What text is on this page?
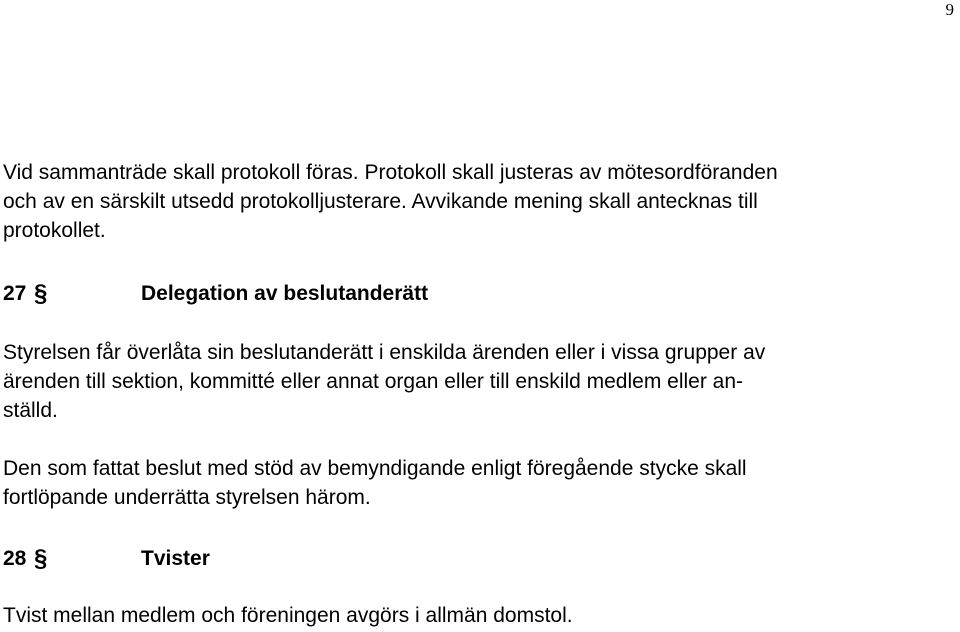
9
Vid sammanträde skall protokoll föras. Protokoll skall justeras av mötesordföranden
och av en särskilt utsedd protokolljusterare. Avvikande mening skall antecknas till
protokollet.
27 §	Delegation av beslutanderätt
Styrelsen får överlåta sin beslutanderätt i enskilda ärenden eller i vissa grupper av
ärenden till sektion, kommitté eller annat organ eller till enskild medlem eller an-
ställd.
Den som fattat beslut med stöd av bemyndigande enligt föregående stycke skall
fortlöpande underrätta styrelsen härom.
28 §	Tvister
Tvist mellan medlem och föreningen avgörs i allmän domstol.
